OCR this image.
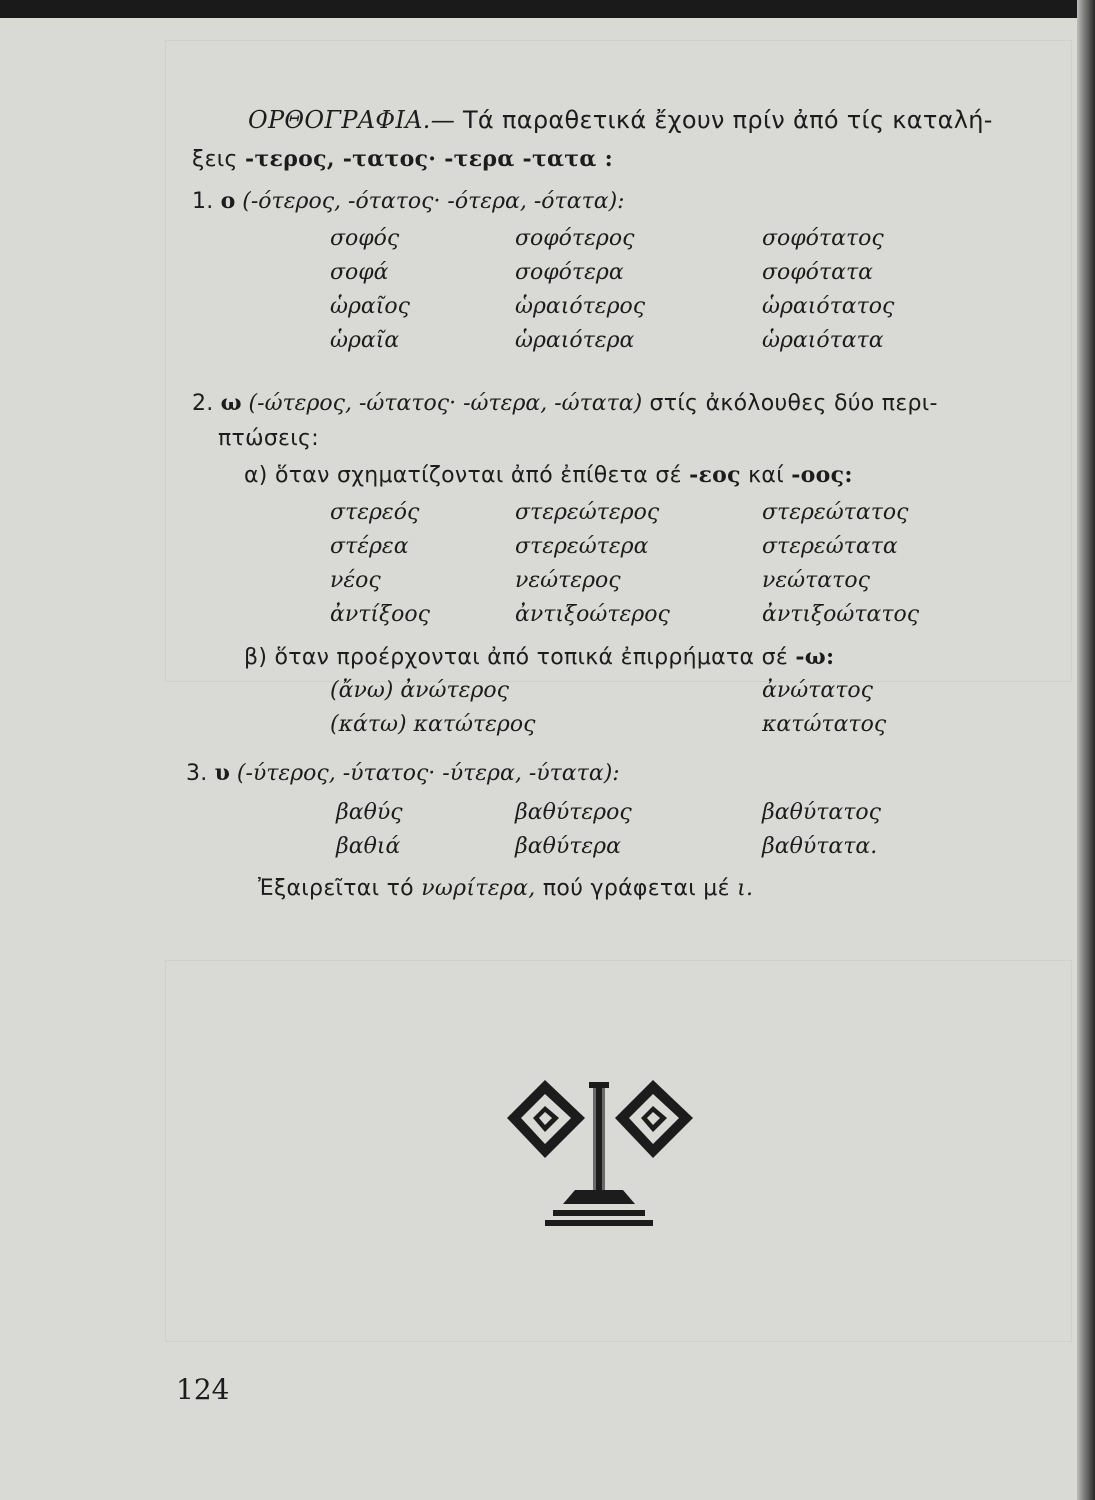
ΟΡΘΟΓΡΑΦΙΑ.— Τά παραθετικά ἔχουν πρίν ἀπό τίς καταλή-
ξεις -τερος, -τατος· -τερα -τατα :
1. ο (-ότερος, -ότατος· -ότερα, -ότατα):
σοφός	σοφότερος	σοφότατος
σοφά	σοφότερα	σοφότατα
ὡραῖος	ὡραιότερος	ὡραιότατος
ὡραῖα	ὡραιότερα	ὡραιότατα
2. ω (-ώτερος, -ώτατος· -ώτερα, -ώτατα) στίς ἀκόλουθες δύο περι-
πτώσεις:
α) ὅταν σχηματίζονται ἀπό ἐπίθετα σέ -εος καί -οος:
στερεός	στερεώτερος	στερεώτατος
στέρεα	στερεώτερα	στερεώτατα
νέος	νεώτερος	νεώτατος
ἀντίξοος	ἀντιξοώτερος	ἀντιξοώτατος
β) ὅταν προέρχονται ἀπό τοπικά ἐπιρρήματα σέ -ω:
(ἄνω) ἀνώτερος	ἀνώτατος
(κάτω) κατώτερος	κατώτατος
3. υ (-ύτερος, -ύτατος· -ύτερα, -ύτατα):
βαθύς	βαθύτερος	βαθύτατος
βαθιά	βαθύτερα	βαθύτατα.
Ἐξαιρεῖται τό νωρίτερα, πού γράφεται μέ ι.
124
